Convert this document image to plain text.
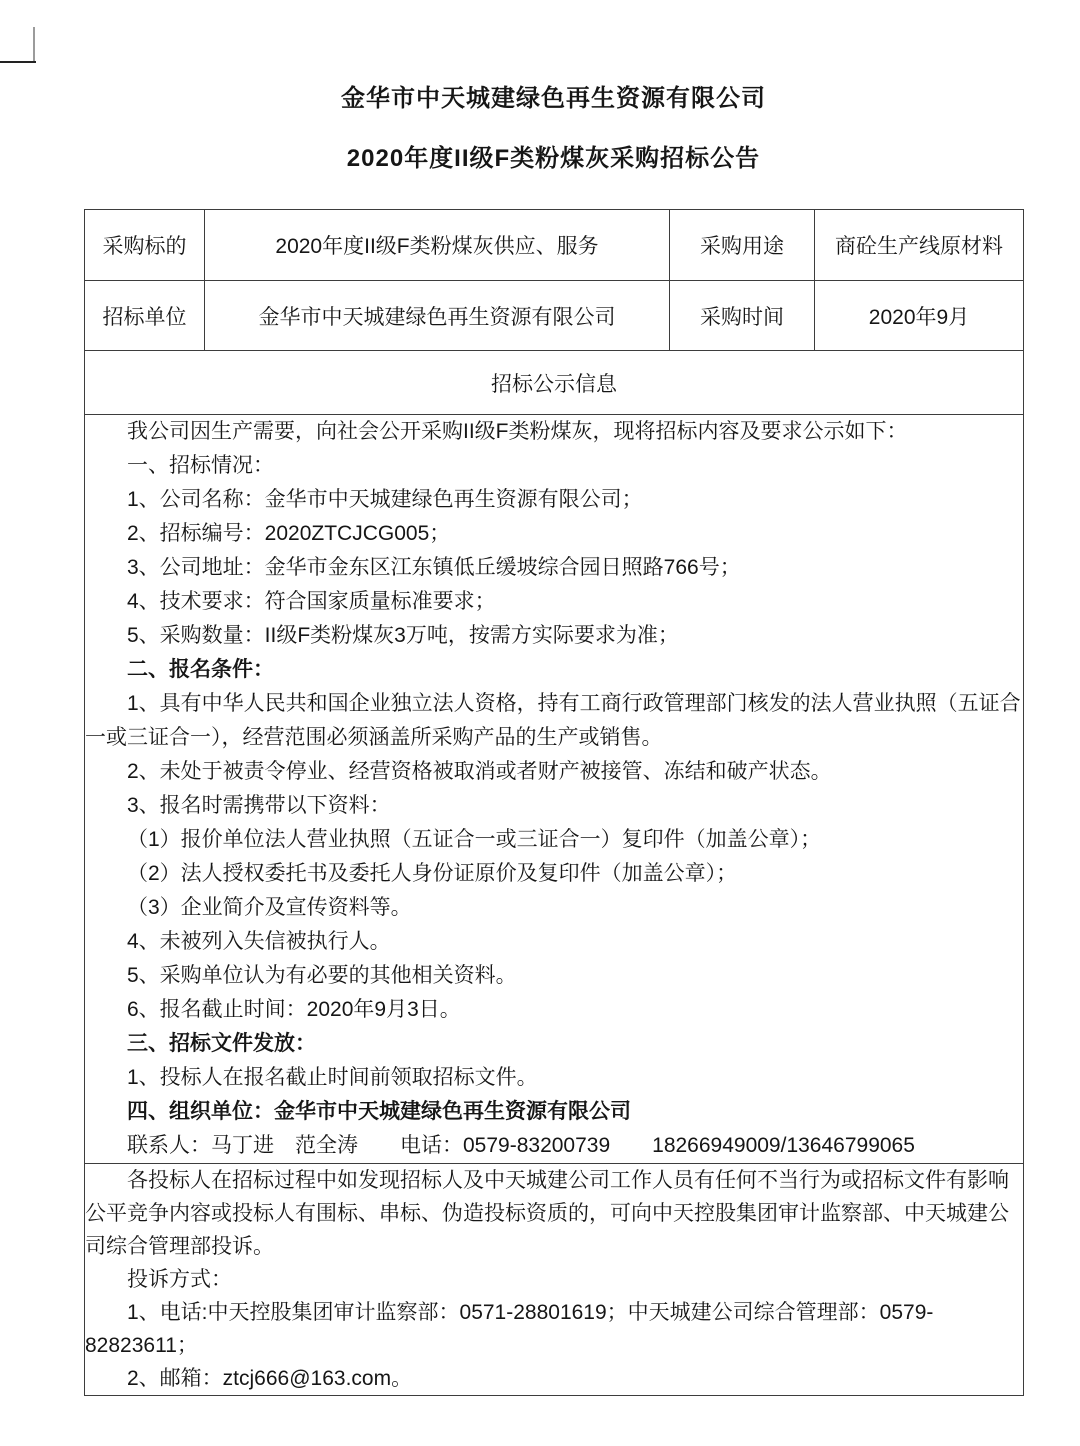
金华市中天城建绿色再生资源有限公司
2020年度II级F类粉煤灰采购招标公告
采购标的	2020年度II级F类粉煤灰供应、服务	采购用途	商砼生产线原材料
招标单位	金华市中天城建绿色再生资源有限公司	采购时间	2020年9月
招标公示信息			

我公司因生产需要，向社会公开采购II级F类粉煤灰，现将招标内容及要求公示如下：

一、招标情况：

1、公司名称：金华市中天城建绿色再生资源有限公司；

2、招标编号：2020ZTCJCG005；

3、公司地址：金华市金东区江东镇低丘缓坡综合园日照路766号；

4、技术要求：符合国家质量标准要求；

5、采购数量：II级F类粉煤灰3万吨，按需方实际要求为准；

二、报名条件：

1、具有中华人民共和国企业独立法人资格，持有工商行政管理部门核发的法人营业执照（五证合一或三证合一），经营范围必须涵盖所采购产品的生产或销售。

2、未处于被责令停业、经营资格被取消或者财产被接管、冻结和破产状态。

3、报名时需携带以下资料：

（1）报价单位法人营业执照（五证合一或三证合一）复印件（加盖公章）；

（2）法人授权委托书及委托人身份证原价及复印件（加盖公章）；

（3）企业简介及宣传资料等。

4、未被列入失信被执行人。

5、采购单位认为有必要的其他相关资料。

6、报名截止时间：2020年9月3日。

三、招标文件发放：

1、投标人在报名截止时间前领取招标文件。

四、组织单位：金华市中天城建绿色再生资源有限公司

联系人：马丁进　范全涛　　电话：0579-83200739　　18266949009/13646799065

各投标人在招标过程中如发现招标人及中天城建公司工作人员有任何不当行为或招标文件有影响公平竞争内容或投标人有围标、串标、伪造投标资质的，可向中天控股集团审计监察部、中天城建公司综合管理部投诉。

投诉方式：

1、电话:中天控股集团审计监察部：0571-28801619；中天城建公司综合管理部：0579-82823611；

2、邮箱：ztcj666@163.com。			
